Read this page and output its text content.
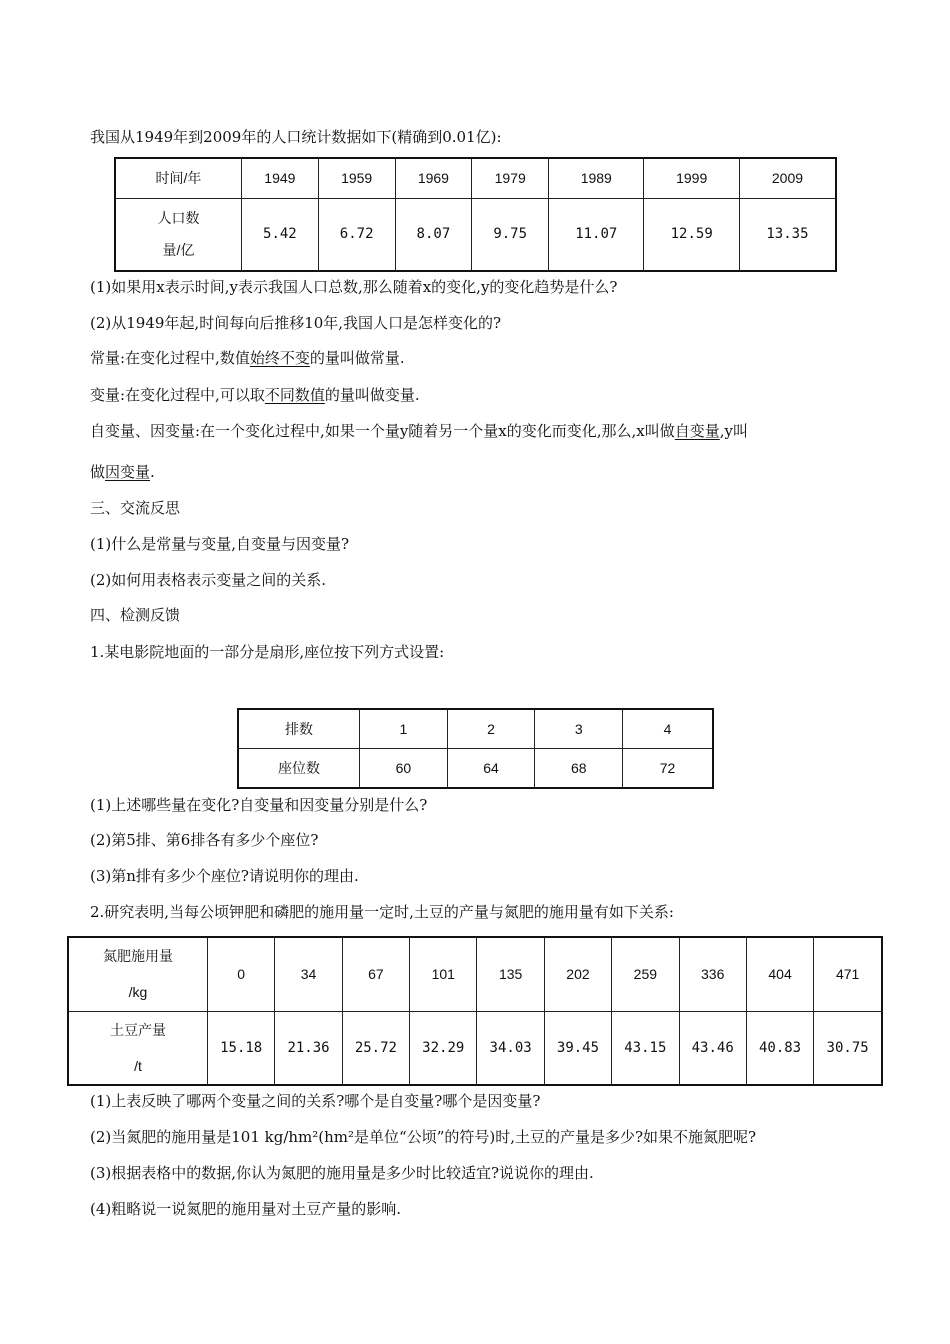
我国从1949年到2009年的人口统计数据如下(精确到0.01亿):
时间/年	1949	1959	1969	1979	1989	1999	2009

人口数
量/亿	5.42	6.72	8.07	9.75	11.07	12.59	13.35
(1)如果用x表示时间,y表示我国人口总数,那么随着x的变化,y的变化趋势是什么?
(2)从1949年起,时间每向后推移10年,我国人口是怎样变化的?
常量:在变化过程中,数值始终不变的量叫做常量.
变量:在变化过程中,可以取不同数值的量叫做变量.
自变量、因变量:在一个变化过程中,如果一个量y随着另一个量x的变化而变化,那么,x叫做自变量,y叫
做因变量.
三、交流反思
(1)什么是常量与变量,自变量与因变量?
(2)如何用表格表示变量之间的关系.
四、检测反馈
1.某电影院地面的一部分是扇形,座位按下列方式设置:
排数	1	2	3	4
座位数	60	64	68	72
(1)上述哪些量在变化?自变量和因变量分别是什么?
(2)第5排、第6排各有多少个座位?
(3)第n排有多少个座位?请说明你的理由.
2.研究表明,当每公顷钾肥和磷肥的施用量一定时,土豆的产量与氮肥的施用量有如下关系:
氮肥施用量
/kg	0	34	67	101	135	202	259	336	404	471

土豆产量
/t	15.18	21.36	25.72	32.29	34.03	39.45	43.15	43.46	40.83	30.75
(1)上表反映了哪两个变量之间的关系?哪个是自变量?哪个是因变量?
(2)当氮肥的施用量是101 kg/hm²(hm²是单位“公顷”的符号)时,土豆的产量是多少?如果不施氮肥呢?
(3)根据表格中的数据,你认为氮肥的施用量是多少时比较适宜?说说你的理由.
(4)粗略说一说氮肥的施用量对土豆产量的影响.
